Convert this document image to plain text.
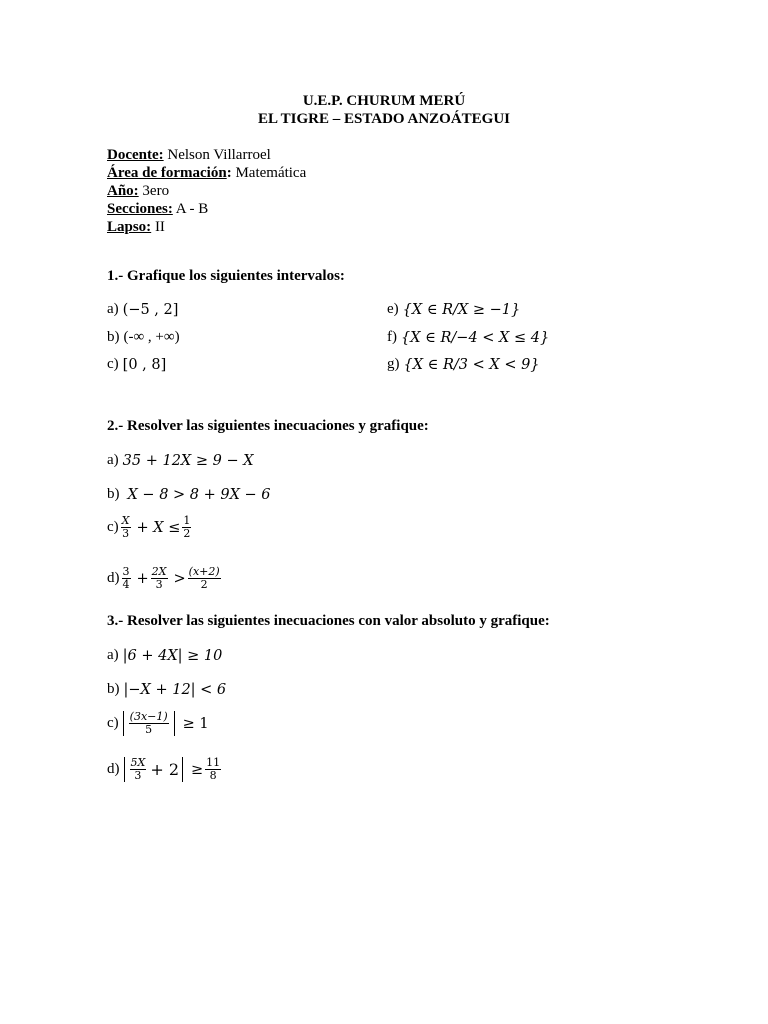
U.E.P. CHURUM MERÚ
EL TIGRE – ESTADO ANZOÁTEGUI
Docente: Nelson Villarroel
Área de formación: Matemática
Año: 3ero
Secciones: A - B
Lapso: II
1.- Grafique los siguientes intervalos:
a) (−5 , 2]
b) (-∞ , +∞)
c) [0 , 8]
e) {X ∈ R/X ≥ −1}
f) {X ∈ R/−4 < X ≤ 4}
g) {X ∈ R/3 < X < 9}
2.- Resolver las siguientes inecuaciones y grafique:
a) 35 + 12X ≥ 9 − X
b) X − 8 > 8 + 9X − 6
$c) \frac{X}{3} + X \le \frac{1}{2}$
$d) \frac{3}{4} + \frac{2X}{3} > \frac{(x+2)}{2}$
3.- Resolver las siguientes inecuaciones con valor absoluto y grafique:
a) |6 + 4X| ≥ 10
b) |−X + 12| < 6
$c) \frac{(3x-1)}{5} \ge 1$
$d) \frac{5X}{3} + 2 \ge \frac{11}{8}$
